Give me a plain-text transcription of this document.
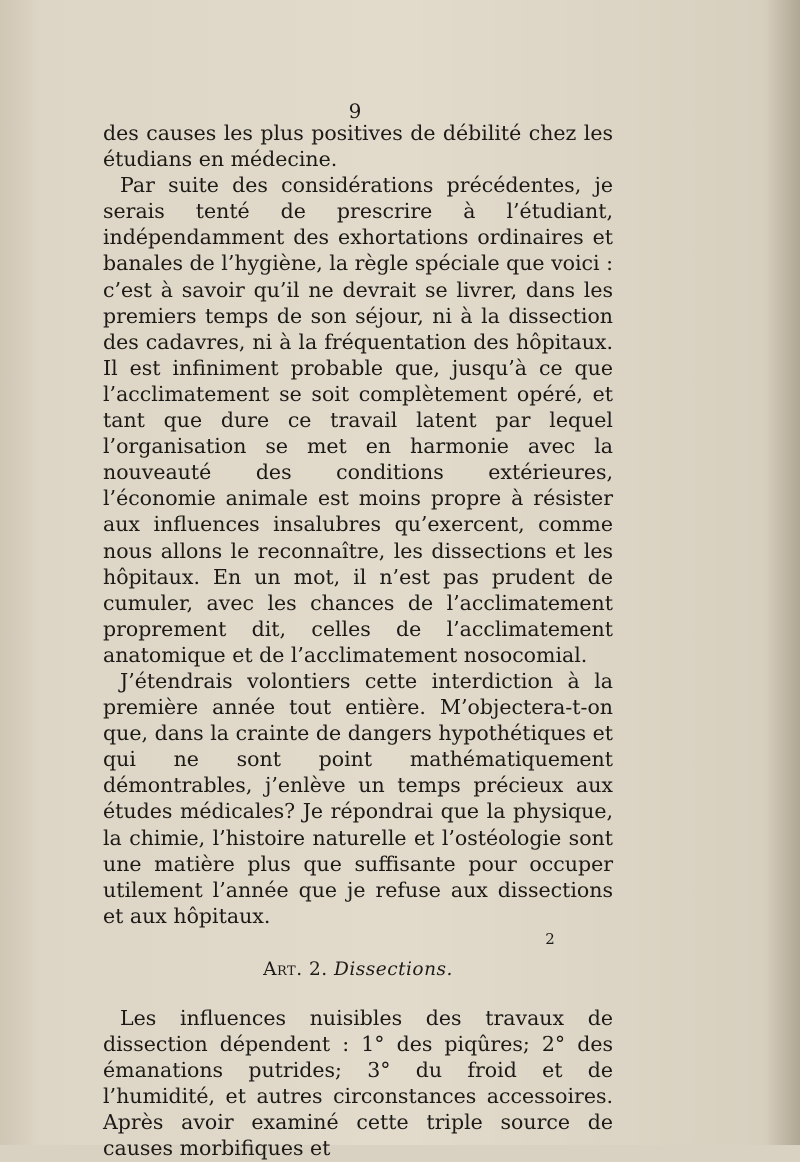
9

des causes les plus positives de débilité chez les étudians en médecine.

Par suite des considérations précédentes, je serais tenté de prescrire à l’étudiant, indépendamment des exhortations ordinaires et banales de l’hygiène, la règle spéciale que voici : c’est à savoir qu’il ne devrait se livrer, dans les premiers temps de son séjour, ni à la dissection des cadavres, ni à la fréquentation des hôpitaux. Il est infiniment probable que, jusqu’à ce que l’acclimatement se soit complètement opéré, et tant que dure ce travail latent par lequel l’organisation se met en harmonie avec la nouveauté des conditions extérieures, l’économie animale est moins propre à résister aux influences insalubres qu’exercent, comme nous allons le reconnaître, les dissections et les hôpitaux. En un mot, il n’est pas prudent de cumuler, avec les chances de l’acclimatement proprement dit, celles de l’acclimatement anatomique et de l’acclimatement nosocomial.

J’étendrais volontiers cette interdiction à la première année tout entière. M’objectera-t-on que, dans la crainte de dangers hypothétiques et qui ne sont point mathématiquement démontrables, j’enlève un temps précieux aux études médicales? Je répondrai que la physique, la chimie, l’histoire naturelle et l’ostéologie sont une matière plus que suffisante pour occuper utilement l’année que je refuse aux dissections et aux hôpitaux.

Art. 2. Dissections.

Les influences nuisibles des travaux de dissection dépendent : 1° des piqûres; 2° des émanations putrides; 3° du froid et de l’humidité, et autres circonstances accessoires. Après avoir examiné cette triple source de causes morbifiques et

2
